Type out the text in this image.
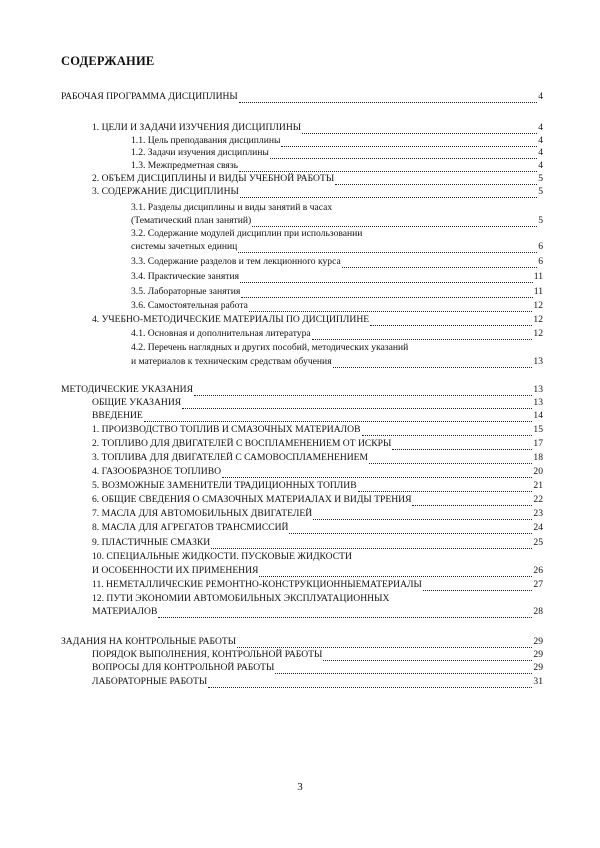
СОДЕРЖАНИЕ
РАБОЧАЯ ПРОГРАММА ДИСЦИПЛИНЫ	4
1. ЦЕЛИ И ЗАДАЧИ ИЗУЧЕНИЯ ДИСЦИПЛИНЫ	4
1.1. Цель преподавания дисциплины	4
1.2. Задачи изучения дисциплины	4
1.3. Межпредметная связь	4
2. ОБЪЕМ ДИСЦИПЛИНЫ И ВИДЫ УЧЕБНОЙ РАБОТЫ	5
3. СОДЕРЖАНИЕ ДИСЦИПЛИНЫ	5
3.1. Разделы дисциплины и виды занятий в часах
(Тематический план занятий)	5
3.2. Содержание модулей дисциплин при использовании
системы зачетных единиц	6
3.3. Содержание разделов и тем лекционного курса	6
3.4. Практические занятия	11
3.5. Лабораторные занятия	11
3.6. Самостоятельная работа	12
4. УЧЕБНО-МЕТОДИЧЕСКИЕ МАТЕРИАЛЫ ПО ДИСЦИПЛИНЕ	12
4.1. Основная и дополнительная литература	12
4.2. Перечень наглядных и других пособий, методических указаний
и материалов к техническим средствам обучения	13
МЕТОДИЧЕСКИЕ УКАЗАНИЯ	13
ОБЩИЕ УКАЗАНИЯ	13
ВВЕДЕНИЕ	14
1. ПРОИЗВОДСТВО ТОПЛИВ И СМАЗОЧНЫХ МАТЕРИАЛОВ	15
2. ТОПЛИВО ДЛЯ ДВИГАТЕЛЕЙ С ВОСПЛАМЕНЕНИЕМ ОТ ИСКРЫ	17
3. ТОПЛИВА ДЛЯ ДВИГАТЕЛЕЙ С САМОВОСПЛАМЕНЕНИЕМ	18
4. ГАЗООБРАЗНОЕ ТОПЛИВО	20
5. ВОЗМОЖНЫЕ ЗАМЕНИТЕЛИ ТРАДИЦИОННЫХ ТОПЛИВ	21
6. ОБЩИЕ СВЕДЕНИЯ О СМАЗОЧНЫХ МАТЕРИАЛАХ И ВИДЫ ТРЕНИЯ	22
7. МАСЛА ДЛЯ АВТОМОБИЛЬНЫХ ДВИГАТЕЛЕЙ	23
8. МАСЛА ДЛЯ АГРЕГАТОВ ТРАНСМИССИЙ	24
9. ПЛАСТИЧНЫЕ СМАЗКИ	25
10. СПЕЦИАЛЬНЫЕ ЖИДКОСТИ. ПУСКОВЫЕ ЖИДКОСТИ
И ОСОБЕННОСТИ ИХ ПРИМЕНЕНИЯ	26
11. НЕМЕТАЛЛИЧЕСКИЕ РЕМОНТНО-КОНСТРУКЦИОННЫЕМАТЕРИАЛЫ	27
12. ПУТИ ЭКОНОМИИ АВТОМОБИЛЬНЫХ ЭКСПЛУАТАЦИОННЫХ
МАТЕРИАЛОВ	28
ЗАДАНИЯ НА КОНТРОЛЬНЫЕ РАБОТЫ	29
ПОРЯДОК ВЫПОЛНЕНИЯ, КОНТРОЛЬНОЙ РАБОТЫ	29
ВОПРОСЫ ДЛЯ КОНТРОЛЬНОЙ РАБОТЫ	29
ЛАБОРАТОРНЫЕ РАБОТЫ	31
3
